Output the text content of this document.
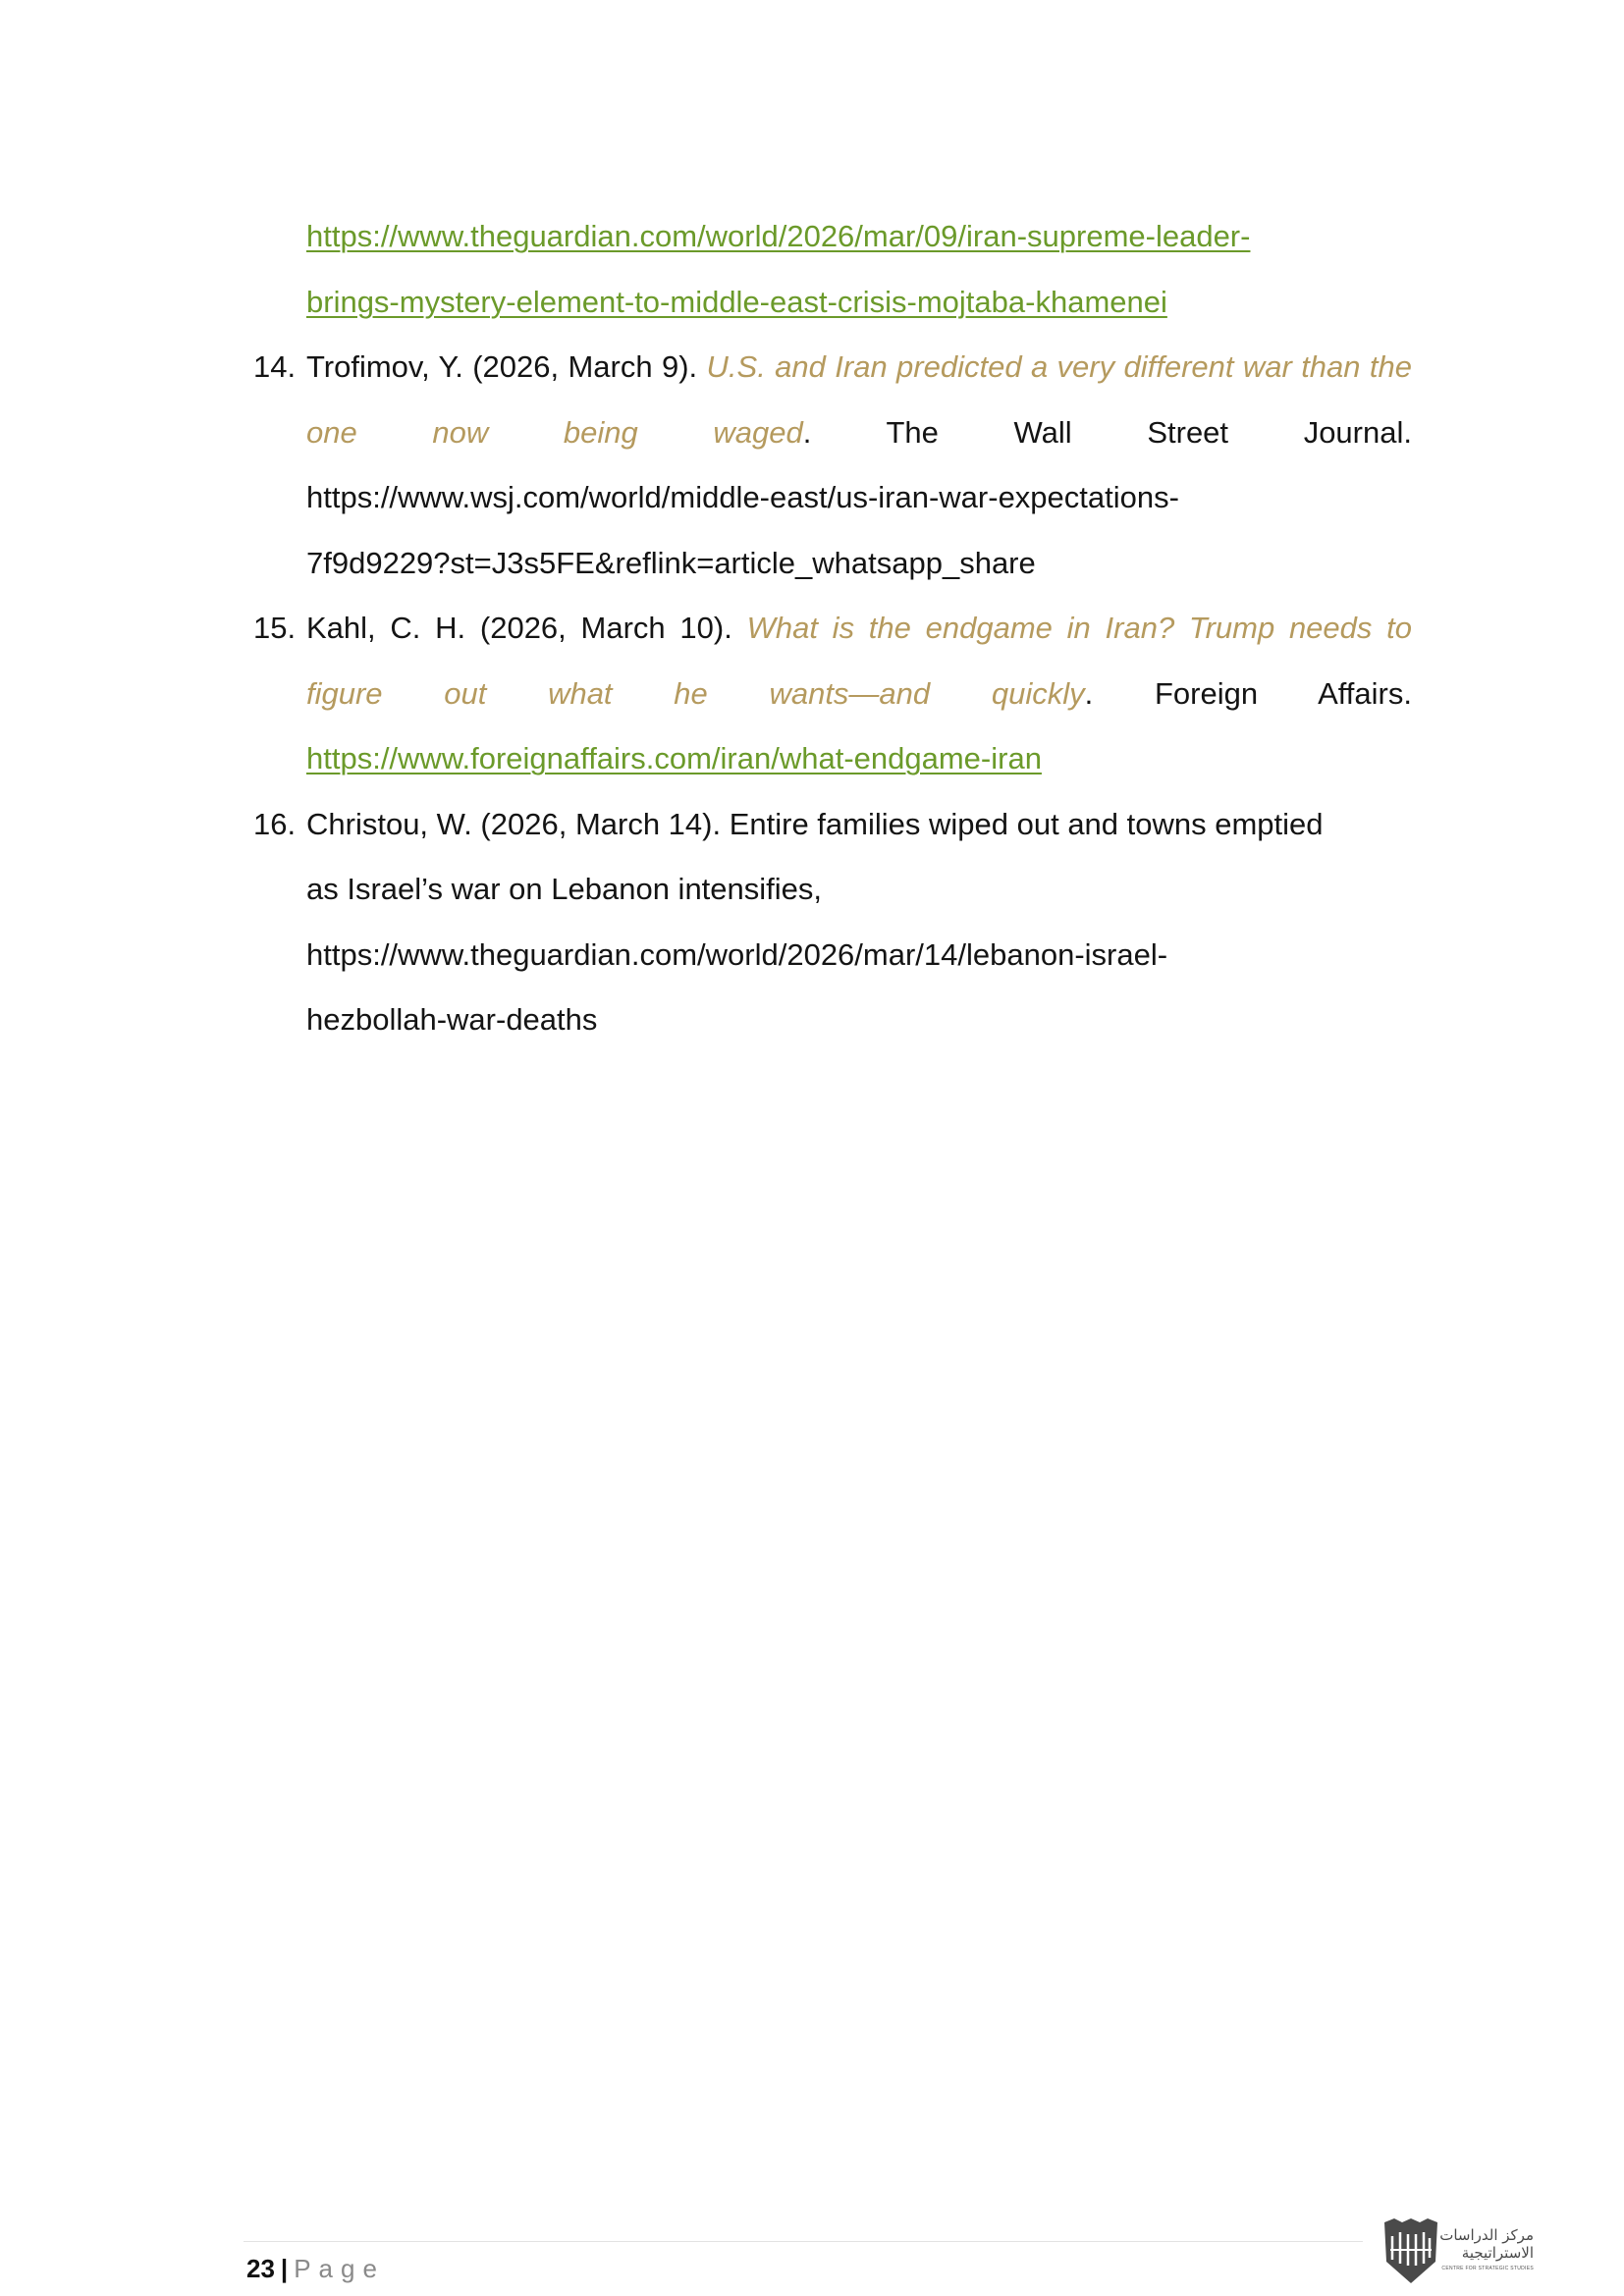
https://www.theguardian.com/world/2026/mar/09/iran-supreme-leader-
brings-mystery-element-to-middle-east-crisis-mojtaba-khamenei
14. Trofimov, Y. (2026, March 9). U.S. and Iran predicted a very different war than the one now being waged. The Wall Street Journal. https://www.wsj.com/world/middle-east/us-iran-war-expectations-
7f9d9229?st=J3s5FE&reflink=article_whatsapp_share
15. Kahl, C. H. (2026, March 10). What is the endgame in Iran? Trump needs to figure out what he wants—and quickly. Foreign Affairs. https://www.foreignaffairs.com/iran/what-endgame-iran
16. Christou, W. (2026, March 14). Entire families wiped out and towns emptied
as Israel’s war on Lebanon intensifies,
https://www.theguardian.com/world/2026/mar/14/lebanon-israel-
hezbollah-war-deaths
23 | Page
مركز الدراسات
الاستراتيجية
CENTRE FOR STRATEGIC STUDIES
